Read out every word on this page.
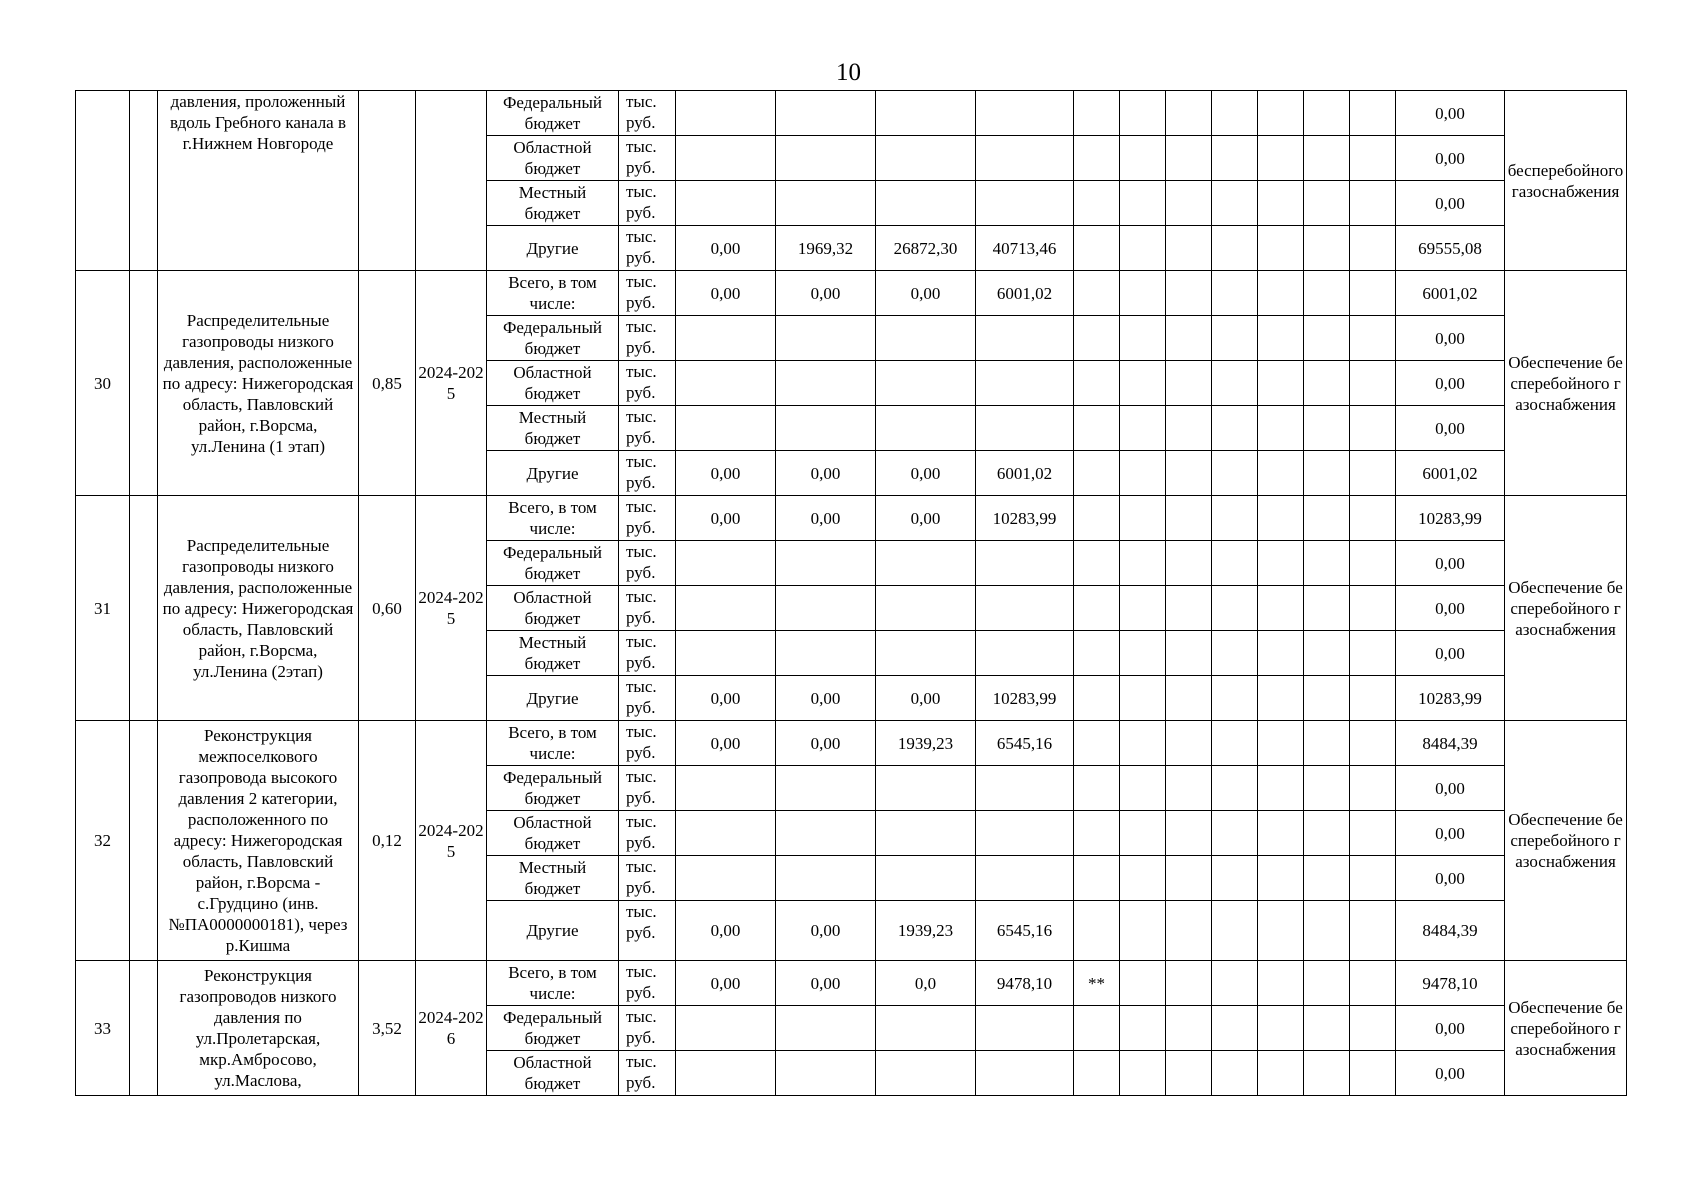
10
		давления, проложенный вдоль Гребного канала в г.Нижнем Новгороде			Федеральный бюджет	тыс. руб.												0,00	бесперебойного газоснабжения
					Областной бюджет	тыс. руб.												0,00	
					Местный бюджет	тыс. руб.												0,00	
					Другие	тыс. руб.	0,00	1969,32	26872,30	40713,46								69555,08	
30		Распределительные газопроводы низкого давления, расположенные по адресу: Нижегородская область, Павловский район, г.Ворсма, ул.Ленина (1 этап)	0,85	2024-2025	Всего, в том числе:	тыс. руб.	0,00	0,00	0,00	6001,02								6001,02	Обеспечение бесперебойного газоснабжения
					Федеральный бюджет	тыс. руб.												0,00	
					Областной бюджет	тыс. руб.												0,00	
					Местный бюджет	тыс. руб.												0,00	
					Другие	тыс. руб.	0,00	0,00	0,00	6001,02								6001,02	
31		Распределительные газопроводы низкого давления, расположенные по адресу: Нижегородская область, Павловский район, г.Ворсма, ул.Ленина (2этап)	0,60	2024-2025	Всего, в том числе:	тыс. руб.	0,00	0,00	0,00	10283,99								10283,99	Обеспечение бесперебойного газоснабжения
					Федеральный бюджет	тыс. руб.												0,00	
					Областной бюджет	тыс. руб.												0,00	
					Местный бюджет	тыс. руб.												0,00	
					Другие	тыс. руб.	0,00	0,00	0,00	10283,99								10283,99	
32		Реконструкция межпоселкового газопровода высокого давления 2 категории, расположенного по адресу: Нижегородская область, Павловский район, г.Ворсма - с.Грудцино (инв. №ПА0000000181), через р.Кишма	0,12	2024-2025	Всего, в том числе:	тыс. руб.	0,00	0,00	1939,23	6545,16								8484,39	Обеспечение бесперебойного газоснабжения
					Федеральный бюджет	тыс. руб.												0,00	
					Областной бюджет	тыс. руб.												0,00	
					Местный бюджет	тыс. руб.												0,00	
					Другие	тыс. руб.	0,00	0,00	1939,23	6545,16								8484,39	
33		Реконструкция газопроводов низкого давления по ул.Пролетарская, мкр.Амбросово, ул.Маслова,	3,52	2024-2026	Всего, в том числе:	тыс. руб.	0,00	0,00	0,0	9478,10	**							9478,10	Обеспечение бесперебойного газоснабжения
					Федеральный бюджет	тыс. руб.												0,00	
					Областной бюджет	тыс. руб.												0,00	
